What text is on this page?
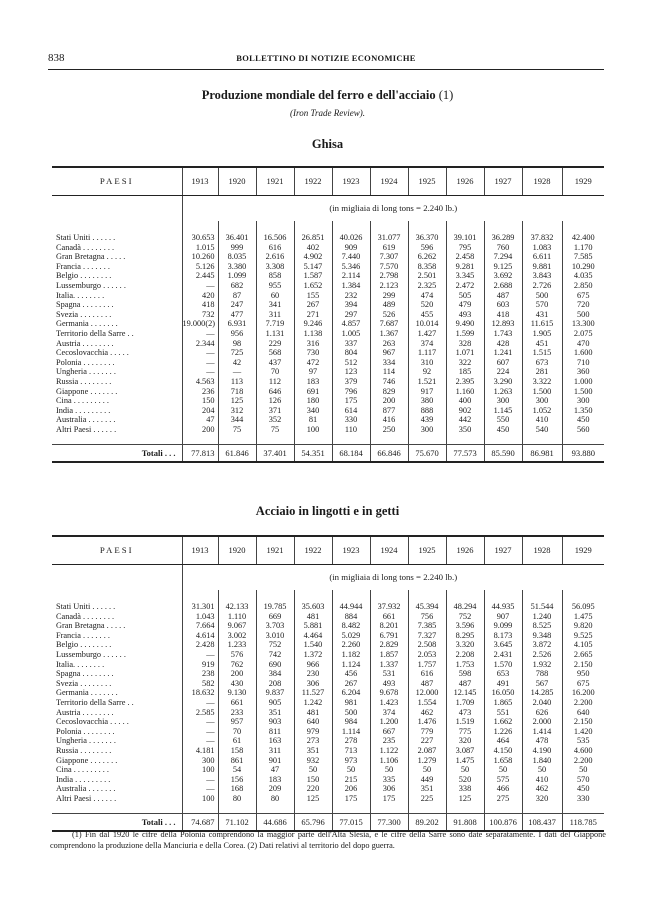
838	BOLLETTINO DI NOTIZIE ECONOMICHE
Produzione mondiale del ferro e dell'acciaio (1)
(Iron Trade Review).
Ghisa
PAESI	1913	1920	1921	1922	1923	1924	1925	1926	1927	1928	1929
	(in migliaia di long tons = 2.240 lb.)										

Stati Uniti . . . . . .	30.653	36.401	16.506	26.851	40.026	31.077	36.370	39.101	36.289	37.832	42.400
Canadà . . . . . . . .	1.015	999	616	402	909	619	596	795	760	1.083	1.170
Gran Bretagna . . . . .	10.260	8.035	2.616	4.902	7.440	7.307	6.262	2.458	7.294	6.611	7.585
Francia . . . . . . .	5.126	3.380	3.308	5.147	5.346	7.570	8.358	9.281	9.125	9.881	10.290
Belgio . . . . . . . .	2.445	1.099	858	1.587	2.114	2.798	2.501	3.345	3.692	3.843	4.035
Lussemburgo . . . . . .	—	682	955	1.652	1.384	2.123	2.325	2.472	2.688	2.726	2.850
Italia. . . . . . . .	420	87	60	155	232	299	474	505	487	500	675
Spagna . . . . . . . .	418	247	341	267	394	489	520	479	603	570	720
Svezia . . . . . . . .	732	477	311	271	297	526	455	493	418	431	500
Germania . . . . . . .	19.000(2)	6.931	7.719	9.246	4.857	7.687	10.014	9.490	12.893	11.615	13.300
Territorio della Sarre . .	—	956	1.131	1.138	1.005	1.367	1.427	1.599	1.743	1.905	2.075
Austria . . . . . . . .	2.344	98	229	316	337	263	374	328	428	451	470
Cecoslovacchia . . . . .	—	725	568	730	804	967	1.117	1.071	1.241	1.515	1.600
Polonia . . . . . . . .	—	42	437	472	512	334	310	322	607	673	710
Ungheria . . . . . . .	—	—	70	97	123	114	92	185	224	281	360
Russia . . . . . . . .	4.563	113	112	183	379	746	1.521	2.395	3.290	3.322	1.000
Giappone . . . . . . .	236	718	646	691	796	829	917	1.160	1.263	1.500	1.500
Cina . . . . . . . . .	150	125	126	180	175	200	380	400	300	300	300
India . . . . . . . . .	204	312	371	340	614	877	888	902	1.145	1.052	1.350
Australia . . . . . . .	47	344	352	81	330	416	439	442	550	410	450
Altri Paesi . . . . . .	200	75	75	100	110	250	300	350	450	540	560

Totali . . .	77.813	61.846	37.401	54.351	68.184	66.846	75.670	77.573	85.590	86.981	93.880
Acciaio in lingotti e in getti
PAESI	1913	1920	1921	1922	1923	1924	1925	1926	1927	1928	1929
	(in migliaia di long tons = 2.240 lb.)										

Stati Uniti . . . . . .	31.301	42.133	19.785	35.603	44.944	37.932	45.394	48.294	44.935	51.544	56.095
Canadà . . . . . . . .	1.043	1.110	669	481	884	661	756	752	907	1.240	1.475
Gran Bretagna . . . . .	7.664	9.067	3.703	5.881	8.482	8.201	7.385	3.596	9.099	8.525	9.820
Francia . . . . . . .	4.614	3.002	3.010	4.464	5.029	6.791	7.327	8.295	8.173	9.348	9.525
Belgio . . . . . . . .	2.428	1.233	752	1.540	2.260	2.829	2.508	3.320	3.645	3.872	4.105
Lussemburgo . . . . . .	—	576	742	1.372	1.182	1.857	2.053	2.208	2.431	2.526	2.665
Italia. . . . . . . .	919	762	690	966	1.124	1.337	1.757	1.753	1.570	1.932	2.150
Spagna . . . . . . . .	238	200	384	230	456	531	616	598	653	788	950
Svezia . . . . . . . .	582	430	208	306	267	493	487	487	491	567	675
Germania . . . . . . .	18.632	9.130	9.837	11.527	6.204	9.678	12.000	12.145	16.050	14.285	16.200
Territorio della Sarre . .	—	661	905	1.242	981	1.423	1.554	1.709	1.865	2.040	2.200
Austria . . . . . . . .	2.585	233	351	481	500	374	462	473	551	626	640
Cecoslovacchia . . . . .	—	957	903	640	984	1.200	1.476	1.519	1.662	2.000	2.150
Polonia . . . . . . . .	—	70	811	979	1.114	667	779	775	1.226	1.414	1.420
Ungheria . . . . . . .	—	61	163	273	278	235	227	320	464	478	535
Russia . . . . . . . .	4.181	158	311	351	713	1.122	2.087	3.087	4.150	4.190	4.600
Giappone . . . . . . .	300	861	901	932	973	1.106	1.279	1.475	1.658	1.840	2.200
Cina . . . . . . . . .	100	54	47	50	50	50	50	50	50	50	50
India . . . . . . . . .	—	156	183	150	215	335	449	520	575	410	570
Australia . . . . . . .	—	168	209	220	206	306	351	338	466	462	450
Altri Paesi . . . . . .	100	80	80	125	175	175	225	125	275	320	330

Totali . . .	74.687	71.102	44.686	65.796	77.015	77.300	89.202	91.808	100.876	108.437	118.785
(1) Fin dal 1920 le cifre della Polonia comprendono la maggior parte dell'Alta Slesia, e le cifre della Sarre sono date separatamente. I dati del Giappone comprendono la produzione della Manciuria e della Corea. (2) Dati relativi al territorio del dopo guerra.
